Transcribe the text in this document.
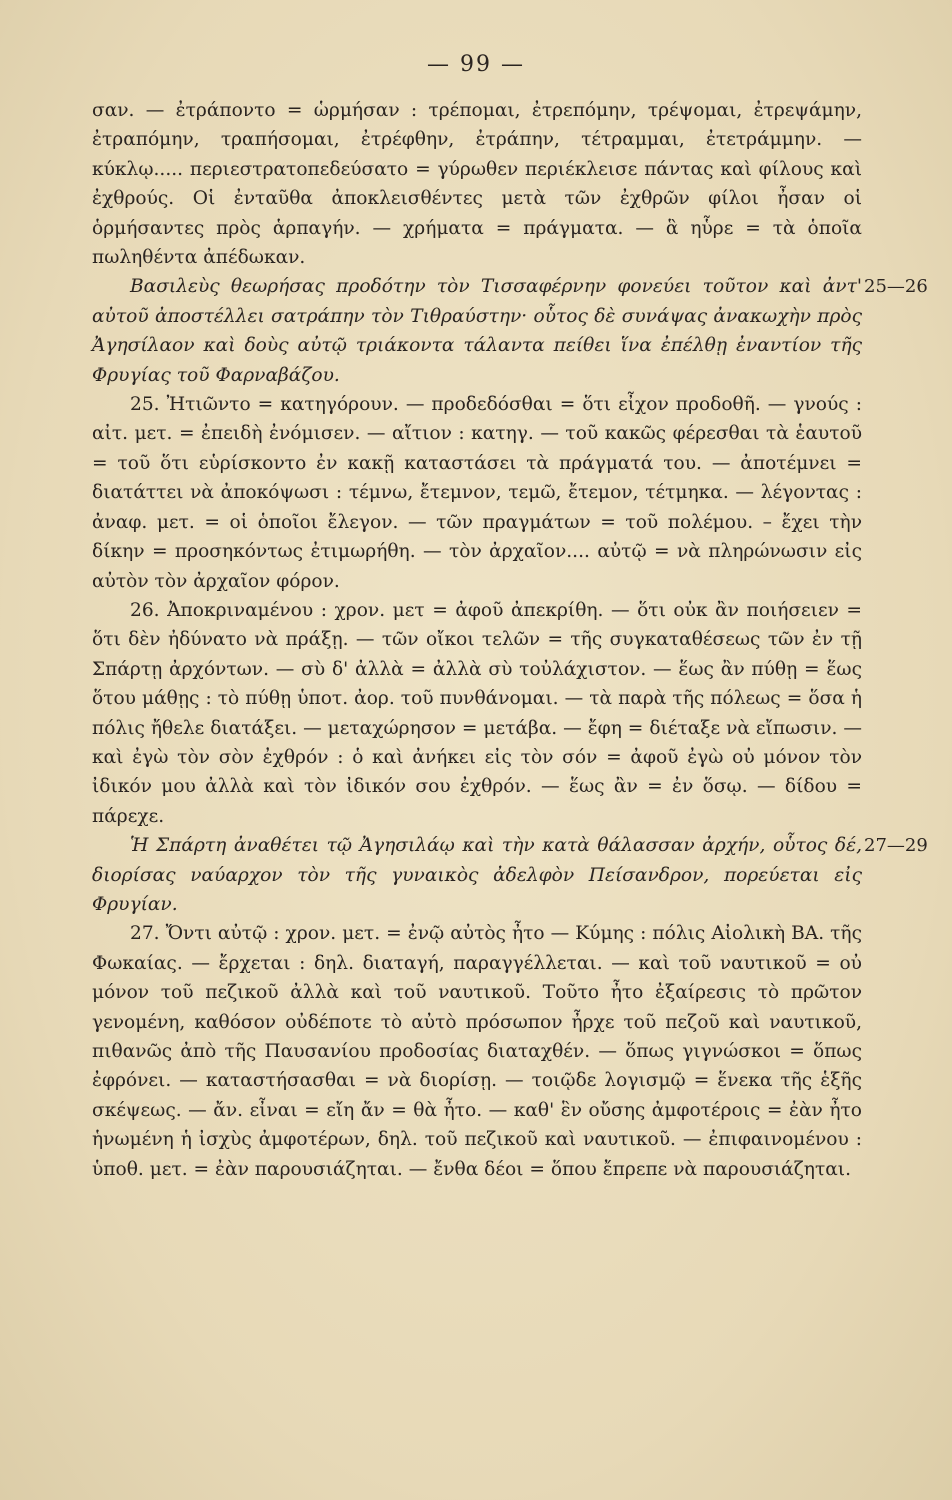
— 99 —

σαν. — ἐτράποντο = ὡρμήσαν : τρέπομαι, ἐτρεπόμην, τρέψομαι, ἐτρεψάμην, ἐτραπόμην, τραπήσομαι, ἐτρέφθην, ἐτράπην, τέτραμμαι, ἐτετράμμην. — κύκλῳ..... περιεστρατοπεδεύσατο = γύρωθεν περιέκλεισε πάντας καὶ φίλους καὶ ἐχθρούς. Οἱ ἐνταῦθα ἀποκλεισθέντες μετὰ τῶν ἐχθρῶν φίλοι ἦσαν οἱ ὁρμήσαντες πρὸς ἁρπαγήν. — χρήματα = πράγματα. — ἃ ηὗρε = τὰ ὁποῖα πωληθέντα ἀπέδωκαν.

Βασιλεὺς θεωρήσας προδότην τὸν Τισσαφέρνην φονεύει τοῦτον καὶ ἀντ' αὐτοῦ ἀποστέλλει σατράπην τὸν Τιθραύστην· οὗτος δὲ συνάψας ἀνακωχὴν πρὸς Ἀγησίλαον καὶ δοὺς αὐτῷ τριάκοντα τάλαντα πείθει ἵνα ἐπέλθῃ ἐναντίον τῆς Φρυγίας τοῦ Φαρναβάζου.
25—26

25. Ἠτιῶντο = κατηγόρουν. — προδεδόσθαι = ὅτι εἶχον προδοθῆ. — γνούς : αἰτ. μετ. = ἐπειδὴ ἐνόμισεν. — αἴτιον : κατηγ. — τοῦ κακῶς φέρεσθαι τὰ ἑαυτοῦ = τοῦ ὅτι εὑρίσκοντο ἐν κακῇ καταστάσει τὰ πράγματά του. — ἀποτέμνει = διατάττει νὰ ἀποκόψωσι : τέμνω, ἔτεμνον, τεμῶ, ἔτεμον, τέτμηκα. — λέγοντας : ἀναφ. μετ. = οἱ ὁποῖοι ἔλεγον. — τῶν πραγμάτων = τοῦ πολέμου. – ἔχει τὴν δίκην = προσηκόντως ἐτιμωρήθη. — τὸν ἀρχαῖον.... αὐτῷ = νὰ πληρώνωσιν εἰς αὐτὸν τὸν ἀρχαῖον φόρον.

26. Ἀποκριναμένου : χρον. μετ = ἀφοῦ ἀπεκρίθη. — ὅτι οὐκ ἂν ποιήσειεν = ὅτι δὲν ἠδύνατο νὰ πράξῃ. — τῶν οἴκοι τελῶν = τῆς συγκαταθέσεως τῶν ἐν τῇ Σπάρτῃ ἀρχόντων. — σὺ δ' ἀλλὰ = ἀλλὰ σὺ τοὐλάχιστον. — ἕως ἂν πύθῃ = ἕως ὅτου μάθῃς : τὸ πύθῃ ὑποτ. ἀορ. τοῦ πυνθάνομαι. — τὰ παρὰ τῆς πόλεως = ὅσα ἡ πόλις ἤθελε διατάξει. — μεταχώρησον = μετάβα. — ἔφη = διέταξε νὰ εἴπωσιν. — καὶ ἐγὼ τὸν σὸν ἐχθρόν : ὁ καὶ ἀνήκει εἰς τὸν σόν = ἀφοῦ ἐγὼ οὐ μόνον τὸν ἰδικόν μου ἀλλὰ καὶ τὸν ἰδικόν σου ἐχθρόν. — ἕως ἂν = ἐν ὅσῳ. — δίδου = πάρεχε.

Ἡ Σπάρτη ἀναθέτει τῷ Ἀγησιλάῳ καὶ τὴν κατὰ θάλασσαν ἀρχήν, οὗτος δέ, διορίσας ναύαρχον τὸν τῆς γυναικὸς ἀδελφὸν Πείσανδρον, πορεύεται εἰς Φρυγίαν.
27—29

27. Ὄντι αὐτῷ : χρον. μετ. = ἐνῷ αὐτὸς ἦτο — Κύμης : πόλις Αἰολικὴ ΒΑ. τῆς Φωκαίας. — ἔρχεται : δηλ. διαταγή, παραγγέλλεται. — καὶ τοῦ ναυτικοῦ = οὐ μόνον τοῦ πεζικοῦ ἀλλὰ καὶ τοῦ ναυτικοῦ. Τοῦτο ἦτο ἐξαίρεσις τὸ πρῶτον γενομένη, καθόσον οὐδέποτε τὸ αὐτὸ πρόσωπον ἦρχε τοῦ πεζοῦ καὶ ναυτικοῦ, πιθανῶς ἀπὸ τῆς Παυσανίου προδοσίας διαταχθέν. — ὅπως γιγνώσκοι = ὅπως ἐφρόνει. — καταστήσασθαι = νὰ διορίσῃ. — τοιῷδε λογισμῷ = ἕνεκα τῆς ἑξῆς σκέψεως. — ἄν. εἶναι = εἴη ἄν = θὰ ἦτο. — καθ' ἓν οὔσης ἀμφοτέροις = ἐὰν ἦτο ἡνωμένη ἡ ἰσχὺς ἀμφοτέρων, δηλ. τοῦ πεζικοῦ καὶ ναυτικοῦ. — ἐπιφαινομένου : ὑποθ. μετ. = ἐὰν παρουσιάζηται. — ἔνθα δέοι = ὅπου ἔπρεπε νὰ παρουσιάζηται.
